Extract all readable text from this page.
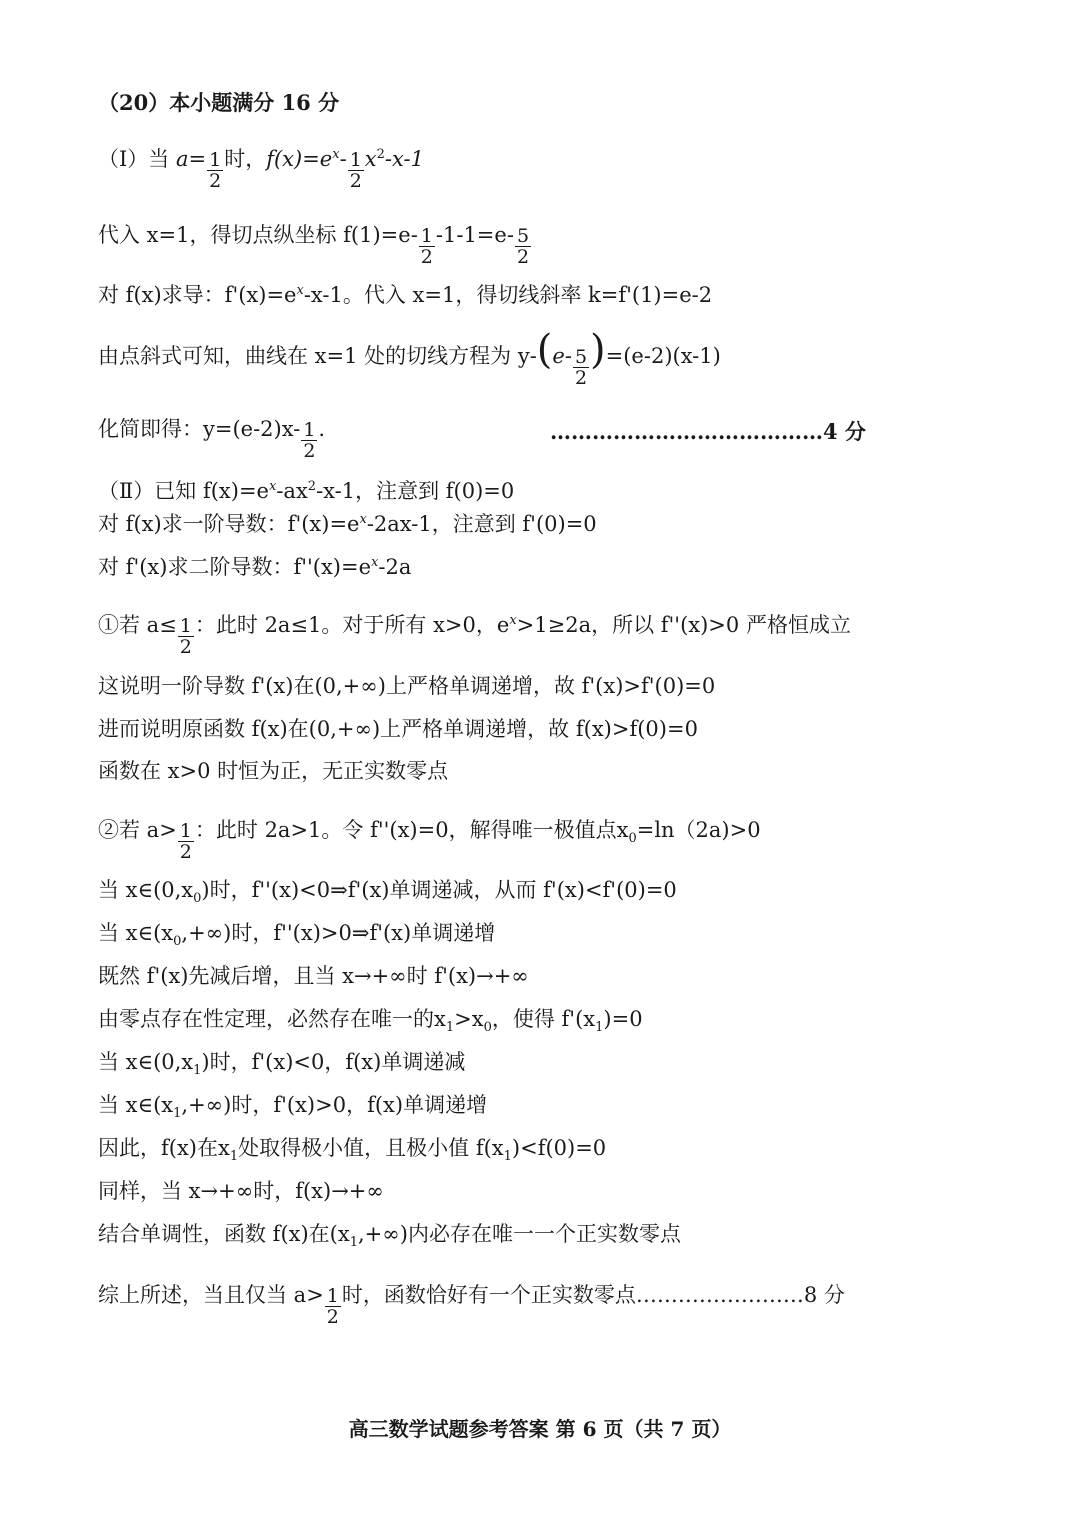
（20）本小题满分 16 分
（Ⅰ）当 $a= \frac{1}{2}$ 时，$f(x)=e^x- \frac{1}{2} x^2-x-1$
代入 x=1，得切点纵坐标 $f(1)=e- \frac{1}{2} -1-1=e- \frac{5}{2}$
对 f(x)求导：$f'(x)=e^x-x-1$。代入 x=1，得切线斜率 k=f'(1)=e-2
由点斜式可知，曲线在 x=1 处的切线方程为 $y-(e- \frac{5}{2} )=(e-2)(x-1)$
化简即得：$y=(e-2)x- \frac{1}{2}$ .	…………………………………4 分
（Ⅱ）已知 $f(x)=e^x-ax^2-x-1$，注意到 f(0)=0
对 f(x)求一阶导数：$f'(x)=e^x-2ax-1$，注意到 f'(0)=0
对 f'(x)求二阶导数：$f''(x)=e^x-2a$
①若 $a\le \frac{1}{2}$ ：此时 2a≤1。对于所有 x>0，$e^x>1\ge 2a$，所以 f''(x)>0 严格恒成立
这说明一阶导数 f'(x)在(0,+∞)上严格单调递增，故 f'(x)>f'(0)=0
进而说明原函数 f(x)在(0,+∞)上严格单调递增，故 f(x)>f(0)=0
函数在 x>0 时恒为正，无正实数零点
②若 $a> \frac{1}{2}$ ：此时 2a>1。令 f''(x)=0，解得唯一极值点$x_0=\ln(2a)>0$
当 $x\in(0,x_0)$时，f''(x)<0⇒f'(x)单调递减，从而 f'(x)<f'(0)=0
当 $x\in(x_0,+\infty)$时，f''(x)>0⇒f'(x)单调递增
既然 f'(x)先减后增，且当 x→+∞时 f'(x)→+∞
由零点存在性定理，必然存在唯一的$x_1>x_0$，使得 $f'(x_1)=0$
当 $x\in(0,x_1)$时，f'(x)<0，f(x)单调递减
当 $x\in(x_1,+\infty)$时，f'(x)>0，f(x)单调递增
因此，f(x)在$x_1$处取得极小值，且极小值 $f(x_1)<f(0)=0$
同样，当 x→+∞时，f(x)→+∞
结合单调性，函数 f(x)在$(x_1,+\infty)$内必存在唯一一个正实数零点
综上所述，当且仅当 $a> \frac{1}{2}$ 时，函数恰好有一个正实数零点……………………8 分
高三数学试题参考答案 第 6 页（共 7 页）
